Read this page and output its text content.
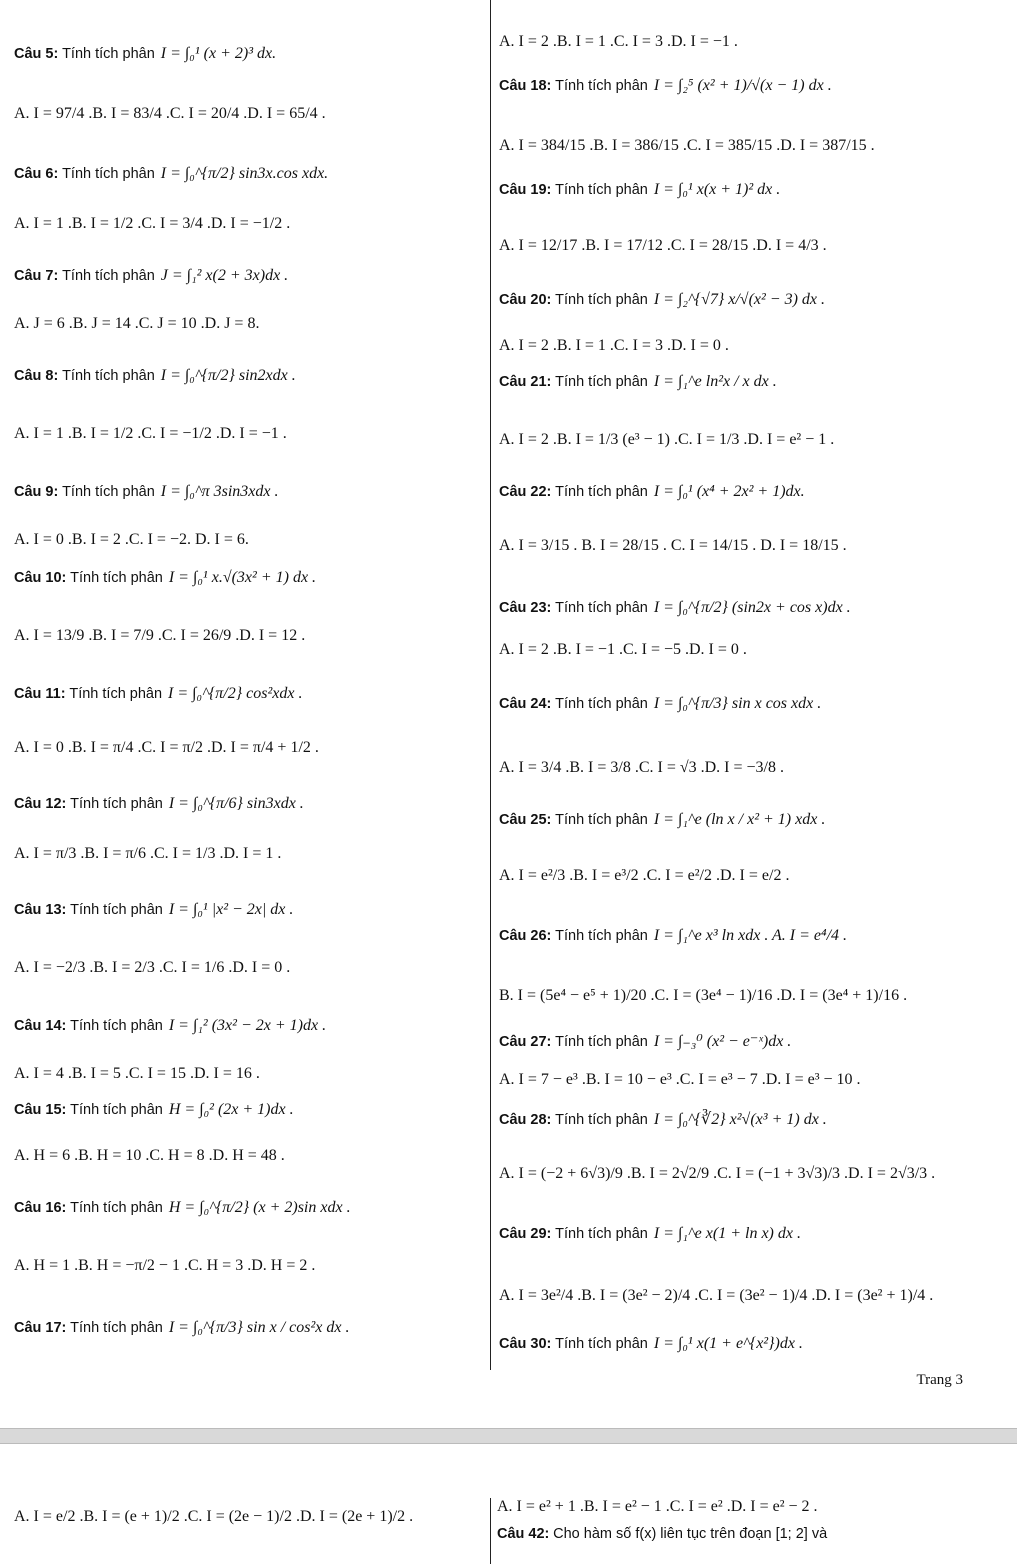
Câu 5: Tính tích phân I = ∫₀¹ (x + 2)³ dx.
A. I = 97/4 .B. I = 83/4 .C. I = 20/4 .D. I = 65/4 .
Câu 6: Tính tích phân I = ∫₀^{π/2} sin3x.cos xdx.
A. I = 1 .B. I = 1/2 .C. I = 3/4 .D. I = −1/2 .
Câu 7: Tính tích phân J = ∫₁² x(2 + 3x)dx .
A. J = 6 .B. J = 14 .C. J = 10 .D. J = 8.
Câu 8: Tính tích phân I = ∫₀^{π/2} sin2xdx .
A. I = 1 .B. I = 1/2 .C. I = −1/2 .D. I = −1 .
Câu 9: Tính tích phân I = ∫₀^π 3sin3xdx .
A. I = 0 .B. I = 2 .C. I = −2. D. I = 6.
Câu 10: Tính tích phân I = ∫₀¹ x.√(3x² + 1) dx .
A. I = 13/9 .B. I = 7/9 .C. I = 26/9 .D. I = 12 .
Câu 11: Tính tích phân I = ∫₀^{π/2} cos²xdx .
A. I = 0 .B. I = π/4 .C. I = π/2 .D. I = π/4 + 1/2 .
Câu 12: Tính tích phân I = ∫₀^{π/6} sin3xdx .
A. I = π/3 .B. I = π/6 .C. I = 1/3 .D. I = 1 .
Câu 13: Tính tích phân I = ∫₀¹ |x² − 2x| dx .
A. I = −2/3 .B. I = 2/3 .C. I = 1/6 .D. I = 0 .
Câu 14: Tính tích phân I = ∫₁² (3x² − 2x + 1)dx .
A. I = 4 .B. I = 5 .C. I = 15 .D. I = 16 .
Câu 15: Tính tích phân H = ∫₀² (2x + 1)dx .
A. H = 6 .B. H = 10 .C. H = 8 .D. H = 48 .
Câu 16: Tính tích phân H = ∫₀^{π/2} (x + 2)sin xdx .
A. H = 1 .B. H = −π/2 − 1 .C. H = 3 .D. H = 2 .
Câu 17: Tính tích phân I = ∫₀^{π/3} sin x / cos²x dx .
A. I = 2 .B. I = 1 .C. I = 3 .D. I = −1 .
Câu 18: Tính tích phân I = ∫₂⁵ (x² + 1)/√(x − 1) dx .
A. I = 384/15 .B. I = 386/15 .C. I = 385/15 .D. I = 387/15 .
Câu 19: Tính tích phân I = ∫₀¹ x(x + 1)² dx .
A. I = 12/17 .B. I = 17/12 .C. I = 28/15 .D. I = 4/3 .
Câu 20: Tính tích phân I = ∫₂^{√7} x/√(x² − 3) dx .
A. I = 2 .B. I = 1 .C. I = 3 .D. I = 0 .
Câu 21: Tính tích phân I = ∫₁^e ln²x / x dx .
A. I = 2 .B. I = 1/3 (e³ − 1) .C. I = 1/3 .D. I = e² − 1 .
Câu 22: Tính tích phân I = ∫₀¹ (x⁴ + 2x² + 1)dx.
A. I = 3/15 . B. I = 28/15 . C. I = 14/15 . D. I = 18/15 .
Câu 23: Tính tích phân I = ∫₀^{π/2} (sin2x + cos x)dx .
A. I = 2 .B. I = −1 .C. I = −5 .D. I = 0 .
Câu 24: Tính tích phân I = ∫₀^{π/3} sin x cos xdx .
A. I = 3/4 .B. I = 3/8 .C. I = √3 .D. I = −3/8 .
Câu 25: Tính tích phân I = ∫₁^e (ln x / x² + 1) xdx .
A. I = e²/3 .B. I = e³/2 .C. I = e²/2 .D. I = e/2 .
Câu 26: Tính tích phân I = ∫₁^e x³ ln xdx . A. I = e⁴/4 .
B. I = (5e⁴ − e⁵ + 1)/20 .C. I = (3e⁴ − 1)/16 .D. I = (3e⁴ + 1)/16 .
Câu 27: Tính tích phân I = ∫₋₃⁰ (x² − e⁻ˣ)dx .
A. I = 7 − e³ .B. I = 10 − e³ .C. I = e³ − 7 .D. I = e³ − 10 .
Câu 28: Tính tích phân I = ∫₀^{∛2} x²√(x³ + 1) dx .
A. I = (−2 + 6√3)/9 .B. I = 2√2/9 .C. I = (−1 + 3√3)/3 .D. I = 2√3/3 .
Câu 29: Tính tích phân I = ∫₁^e x(1 + ln x) dx .
A. I = 3e²/4 .B. I = (3e² − 2)/4 .C. I = (3e² − 1)/4 .D. I = (3e² + 1)/4 .
Câu 30: Tính tích phân I = ∫₀¹ x(1 + e^{x²})dx .
Trang 3
A. I = e/2 .B. I = (e + 1)/2 .C. I = (2e − 1)/2 .D. I = (2e + 1)/2 .
A. I = e² + 1 .B. I = e² − 1 .C. I = e² .D. I = e² − 2 .
Câu 42: Cho hàm số f(x) liên tục trên đoạn [1; 2] và
